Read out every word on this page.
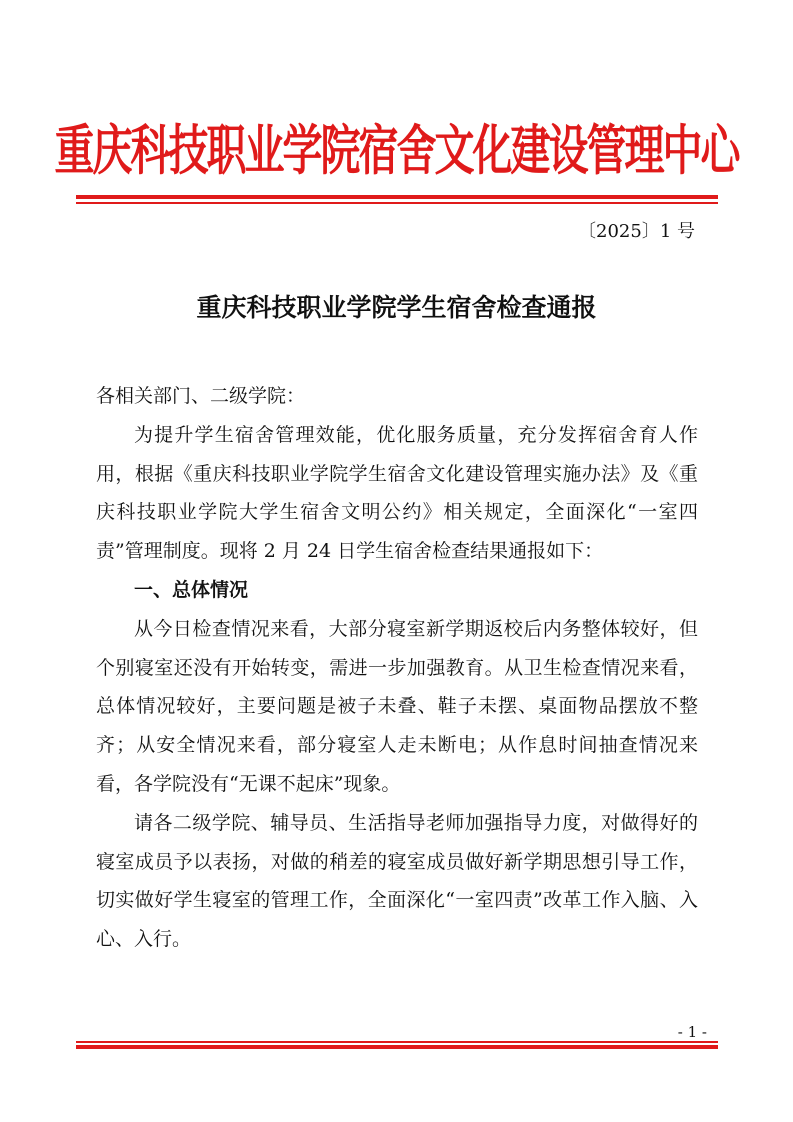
重庆科技职业学院宿舍文化建设管理中心
〔2025〕1 号
重庆科技职业学院学生宿舍检查通报

各相关部门、二级学院：

为提升学生宿舍管理效能，优化服务质量，充分发挥宿舍育人作用，根据《重庆科技职业学院学生宿舍文化建设管理实施办法》及《重庆科技职业学院大学生宿舍文明公约》相关规定，全面深化“一室四责”管理制度。现将 2 月 24 日学生宿舍检查结果通报如下：

一、总体情况

从今日检查情况来看，大部分寝室新学期返校后内务整体较好，但个别寝室还没有开始转变，需进一步加强教育。从卫生检查情况来看，总体情况较好，主要问题是被子未叠、鞋子未摆、桌面物品摆放不整齐；从安全情况来看，部分寝室人走未断电；从作息时间抽查情况来看，各学院没有“无课不起床”现象。

请各二级学院、辅导员、生活指导老师加强指导力度，对做得好的寝室成员予以表扬，对做的稍差的寝室成员做好新学期思想引导工作，切实做好学生寝室的管理工作，全面深化“一室四责”改革工作入脑、入心、入行。

- 1 -
